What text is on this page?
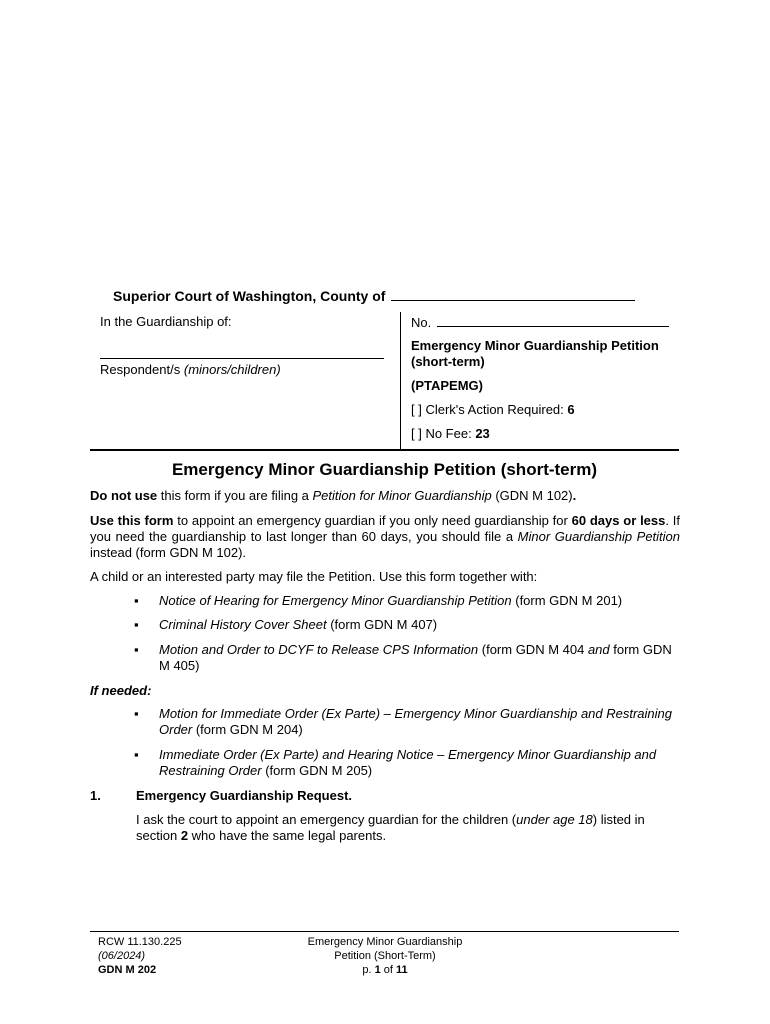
Superior Court of Washington, County of
In the Guardianship of:
Respondent/s (minors/children)
No.
Emergency Minor Guardianship Petition (short-term)
(PTAPEMG)
[ ] Clerk's Action Required: 6
[ ] No Fee: 23
Emergency Minor Guardianship Petition (short-term)
Do not use this form if you are filing a Petition for Minor Guardianship (GDN M 102).
Use this form to appoint an emergency guardian if you only need guardianship for 60 days or less. If you need the guardianship to last longer than 60 days, you should file a Minor Guardianship Petition instead (form GDN M 102).
A child or an interested party may file the Petition. Use this form together with:
▪ Notice of Hearing for Emergency Minor Guardianship Petition (form GDN M 201)
▪ Criminal History Cover Sheet (form GDN M 407)
▪ Motion and Order to DCYF to Release CPS Information (form GDN M 404 and form GDN M 405)
If needed:
▪ Motion for Immediate Order (Ex Parte) – Emergency Minor Guardianship and Restraining Order (form GDN M 204)
▪ Immediate Order (Ex Parte) and Hearing Notice – Emergency Minor Guardianship and Restraining Order (form GDN M 205)
1.	Emergency Guardianship Request.
I ask the court to appoint an emergency guardian for the children (under age 18) listed in section 2 who have the same legal parents.
RCW 11.130.225
(06/2024)
GDN M 202
Emergency Minor Guardianship
Petition (Short-Term)
p. 1 of 11
